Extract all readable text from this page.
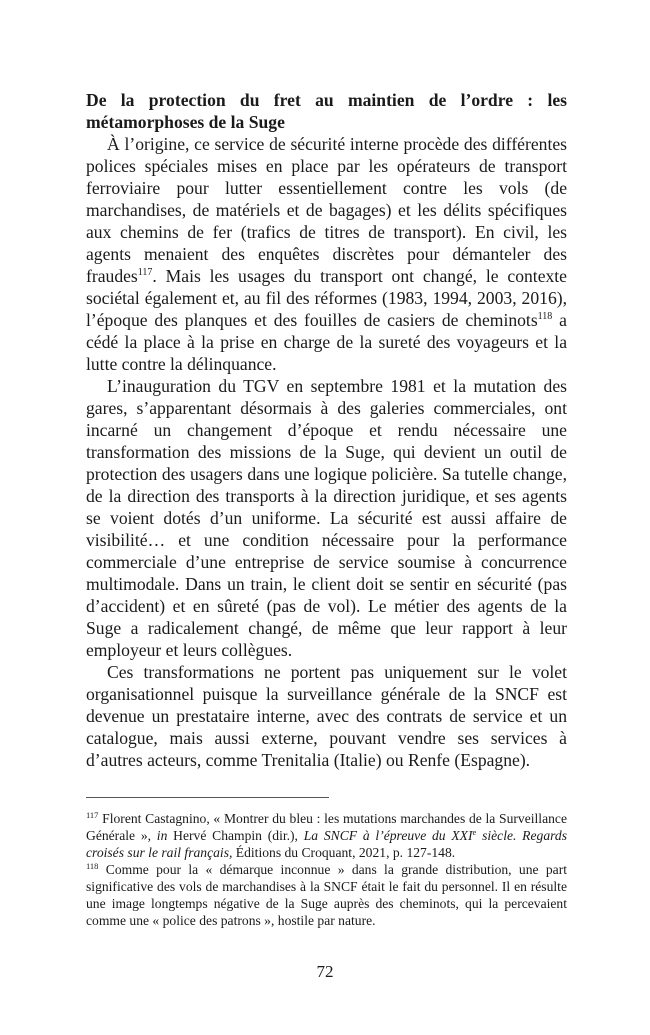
De la protection du fret au maintien de l’ordre : les métamorphoses de la Suge

À l’origine, ce service de sécurité interne procède des différentes polices spéciales mises en place par les opérateurs de transport ferroviaire pour lutter essentiellement contre les vols (de marchandises, de matériels et de bagages) et les délits spécifiques aux chemins de fer (trafics de titres de transport). En civil, les agents menaient des enquêtes discrètes pour démanteler des fraudes$^{117}$. Mais les usages du transport ont changé, le contexte sociétal également et, au fil des réformes (1983, 1994, 2003, 2016), l’époque des planques et des fouilles de casiers de cheminots$^{118}$ a cédé la place à la prise en charge de la sureté des voyageurs et la lutte contre la délinquance.

L’inauguration du TGV en septembre 1981 et la mutation des gares, s’apparentant désormais à des galeries commerciales, ont incarné un changement d’époque et rendu nécessaire une transformation des missions de la Suge, qui devient un outil de protection des usagers dans une logique policière. Sa tutelle change, de la direction des transports à la direction juridique, et ses agents se voient dotés d’un uniforme. La sécurité est aussi affaire de visibilité… et une condition nécessaire pour la performance commerciale d’une entreprise de service soumise à concurrence multimodale. Dans un train, le client doit se sentir en sécurité (pas d’accident) et en sûreté (pas de vol). Le métier des agents de la Suge a radicalement changé, de même que leur rapport à leur employeur et leurs collègues.

Ces transformations ne portent pas uniquement sur le volet organisationnel puisque la surveillance générale de la SNCF est devenue un prestataire interne, avec des contrats de service et un catalogue, mais aussi externe, pouvant vendre ses services à d’autres acteurs, comme Trenitalia (Italie) ou Renfe (Espagne).

$^{117}$ Florent Castagnino, « Montrer du bleu : les mutations marchandes de la Surveillance Générale », in Hervé Champin (dir.), La SNCF à l’épreuve du XXIe siècle. Regards croisés sur le rail français, Éditions du Croquant, 2021, p. 127-148.

$^{118}$ Comme pour la « démarque inconnue » dans la grande distribution, une part significative des vols de marchandises à la SNCF était le fait du personnel. Il en résulte une image longtemps négative de la Suge auprès des cheminots, qui la percevaient comme une « police des patrons », hostile par nature.

72
